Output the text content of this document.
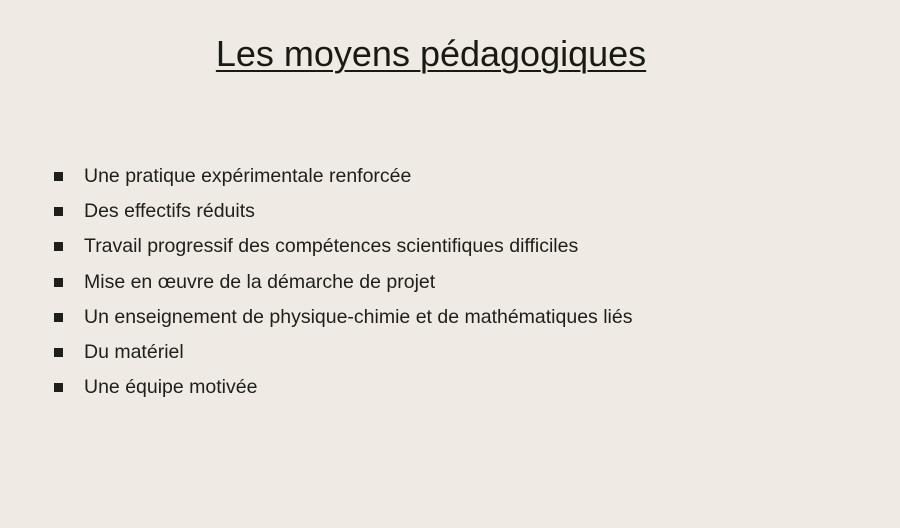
Les moyens pédagogiques
Une pratique expérimentale renforcée
Des effectifs réduits
Travail progressif des compétences scientifiques difficiles
Mise en œuvre de la démarche de projet
Un enseignement de physique-chimie et de mathématiques liés
Du matériel
Une équipe motivée
